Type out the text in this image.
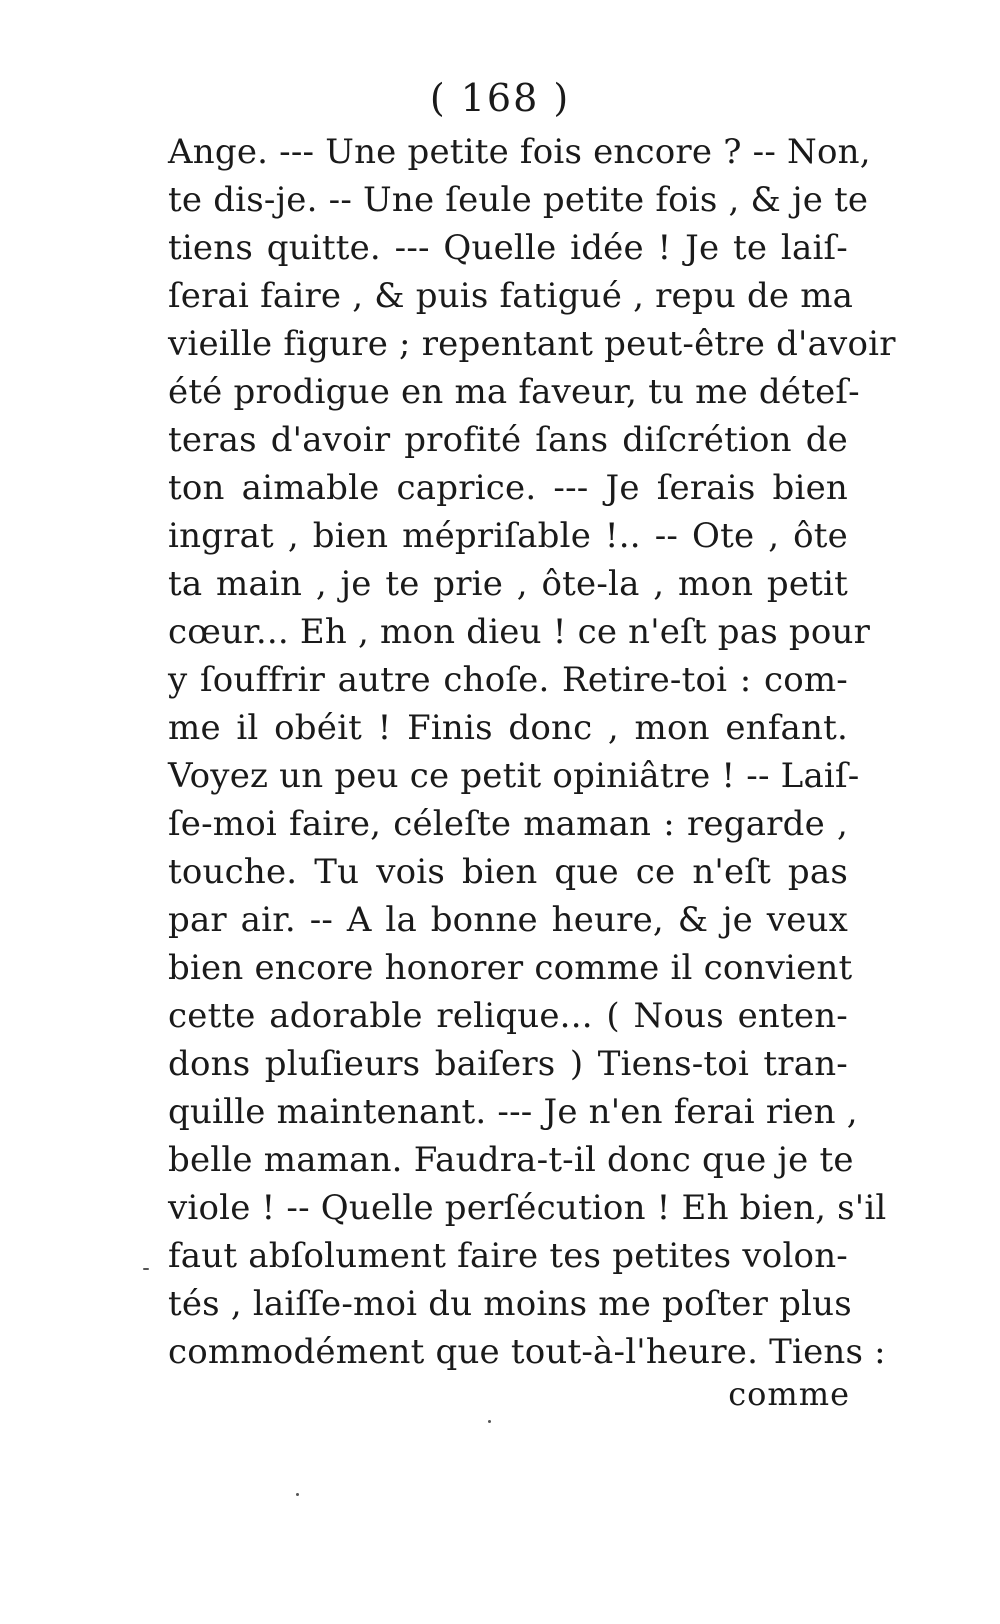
( 168 )
Ange. --- Une petite fois encore ? -- Non,
te dis-je. -- Une ſeule petite fois , & je te
tiens quitte. --- Quelle idée ! Je te laiſ-
ſerai faire , & puis fatigué , repu de ma
vieille figure ; repentant peut-être d'avoir
été prodigue en ma faveur, tu me déteſ-
teras d'avoir profité ſans diſcrétion de
ton aimable caprice. --- Je ſerais bien
ingrat , bien mépriſable !.. -- Ote , ôte
ta main , je te prie , ôte-la , mon petit
cœur... Eh , mon dieu ! ce n'eſt pas pour
y ſouffrir autre choſe. Retire-toi : com-
me il obéit ! Finis donc , mon enfant.
Voyez un peu ce petit opiniâtre ! -- Laiſ-
ſe-moi faire, céleſte maman : regarde ,
touche. Tu vois bien que ce n'eſt pas
par air. -- A la bonne heure, & je veux
bien encore honorer comme il convient
cette adorable relique... ( Nous enten-
dons pluſieurs baiſers ) Tiens-toi tran-
quille maintenant. --- Je n'en ferai rien ,
belle maman. Faudra-t-il donc que je te
viole ! -- Quelle perſécution ! Eh bien, s'il
faut abſolument faire tes petites volon-
tés , laiſſe-moi du moins me poſter plus
commodément que tout-à-l'heure. Tiens :
comme
